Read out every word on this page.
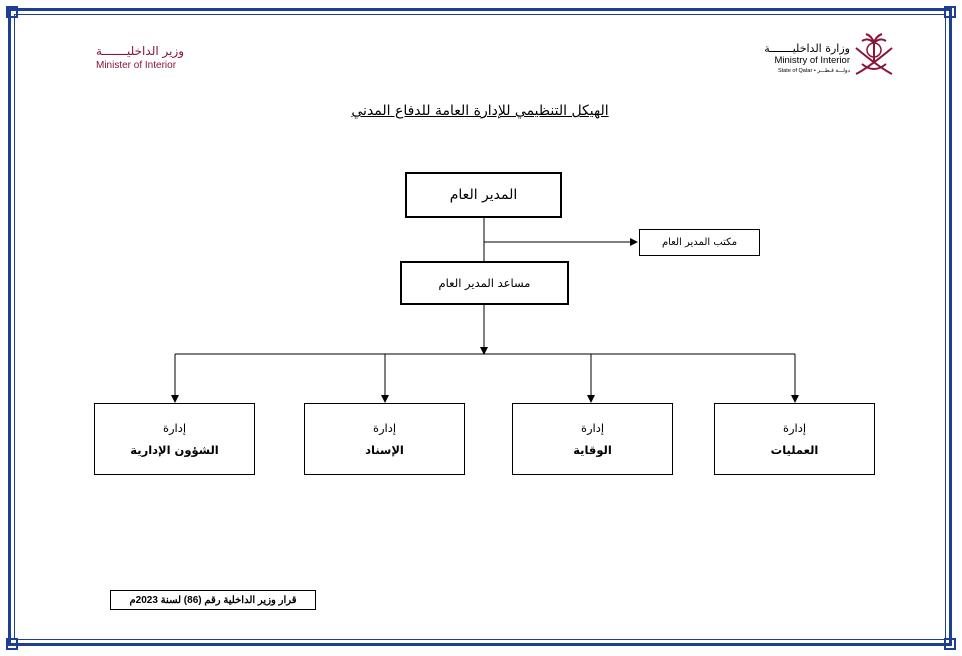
وزير الداخليـــــــة
Minister of Interior
وزارة الداخليـــــــة
Ministry of Interior
State of Qatar • دولـــة قـطـــر
الهيكل التنظيمي للإدارة العامة للدفاع المدني
المدير العام
مكتب المدير العام
مساعد المدير العام
إدارة
العمليات
إدارة
الوقاية
إدارة
الإسناد
إدارة
الشؤون الإدارية
قرار وزير الداخلية رقم (86) لسنة 2023م
